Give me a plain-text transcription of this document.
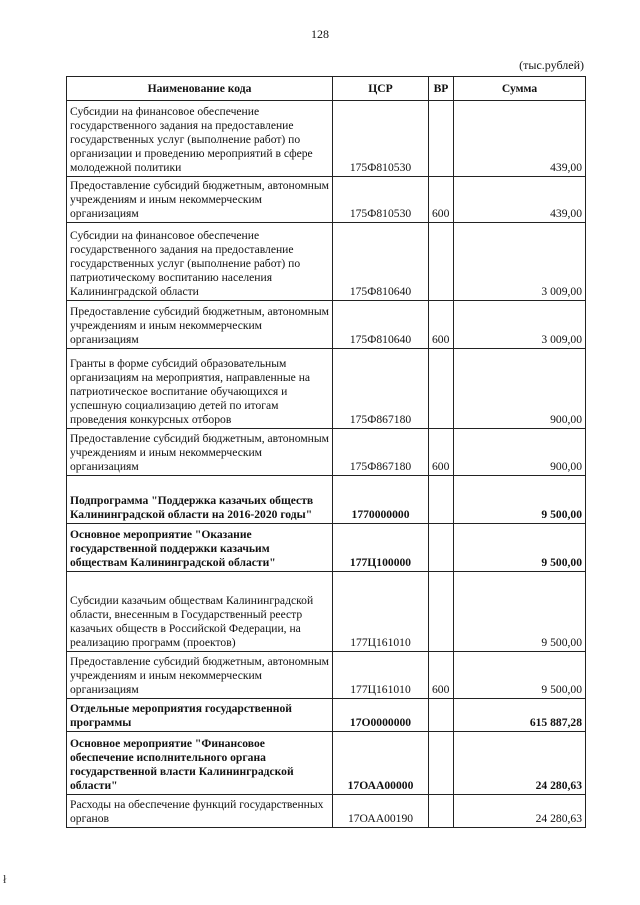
128
(тыс.рублей)
Наименование кода	ЦСР	ВР	Сумма
Субсидии на финансовое обеспечение государственного задания на предоставление государственных услуг (выполнение работ) по организации и проведению мероприятий в сфере молодежной политики	175Ф810530		439,00
Предоставление субсидий бюджетным, автономным учреждениям и иным некоммерческим организациям	175Ф810530	600	439,00
Субсидии на финансовое обеспечение государственного задания на предоставление государственных услуг (выполнение работ) по патриотическому воспитанию населения Калининградской области	175Ф810640		3 009,00
Предоставление субсидий бюджетным, автономным учреждениям и иным некоммерческим организациям	175Ф810640	600	3 009,00
Гранты в форме субсидий образовательным организациям на мероприятия, направленные на патриотическое воспитание обучающихся и успешную социализацию детей по итогам проведения конкурсных отборов	175Ф867180		900,00
Предоставление субсидий бюджетным, автономным учреждениям и иным некоммерческим организациям	175Ф867180	600	900,00
Подпрограмма "Поддержка казачьих обществ Калининградской области на 2016-2020 годы"	1770000000		9 500,00
Основное мероприятие "Оказание государственной поддержки казачьим обществам Калининградской области"	177Ц100000		9 500,00
Субсидии казачьим обществам Калининградской области, внесенным в Государственный реестр казачьих обществ в Российской Федерации, на реализацию программ (проектов)	177Ц161010		9 500,00
Предоставление субсидий бюджетным, автономным учреждениям и иным некоммерческим организациям	177Ц161010	600	9 500,00
Отдельные мероприятия государственной программы	17О0000000		615 887,28
Основное мероприятие "Финансовое обеспечение исполнительного органа государственной власти Калининградской области"	17ОАА00000		24 280,63
Расходы на обеспечение функций государственных органов	17ОАА00190		24 280,63
ł
